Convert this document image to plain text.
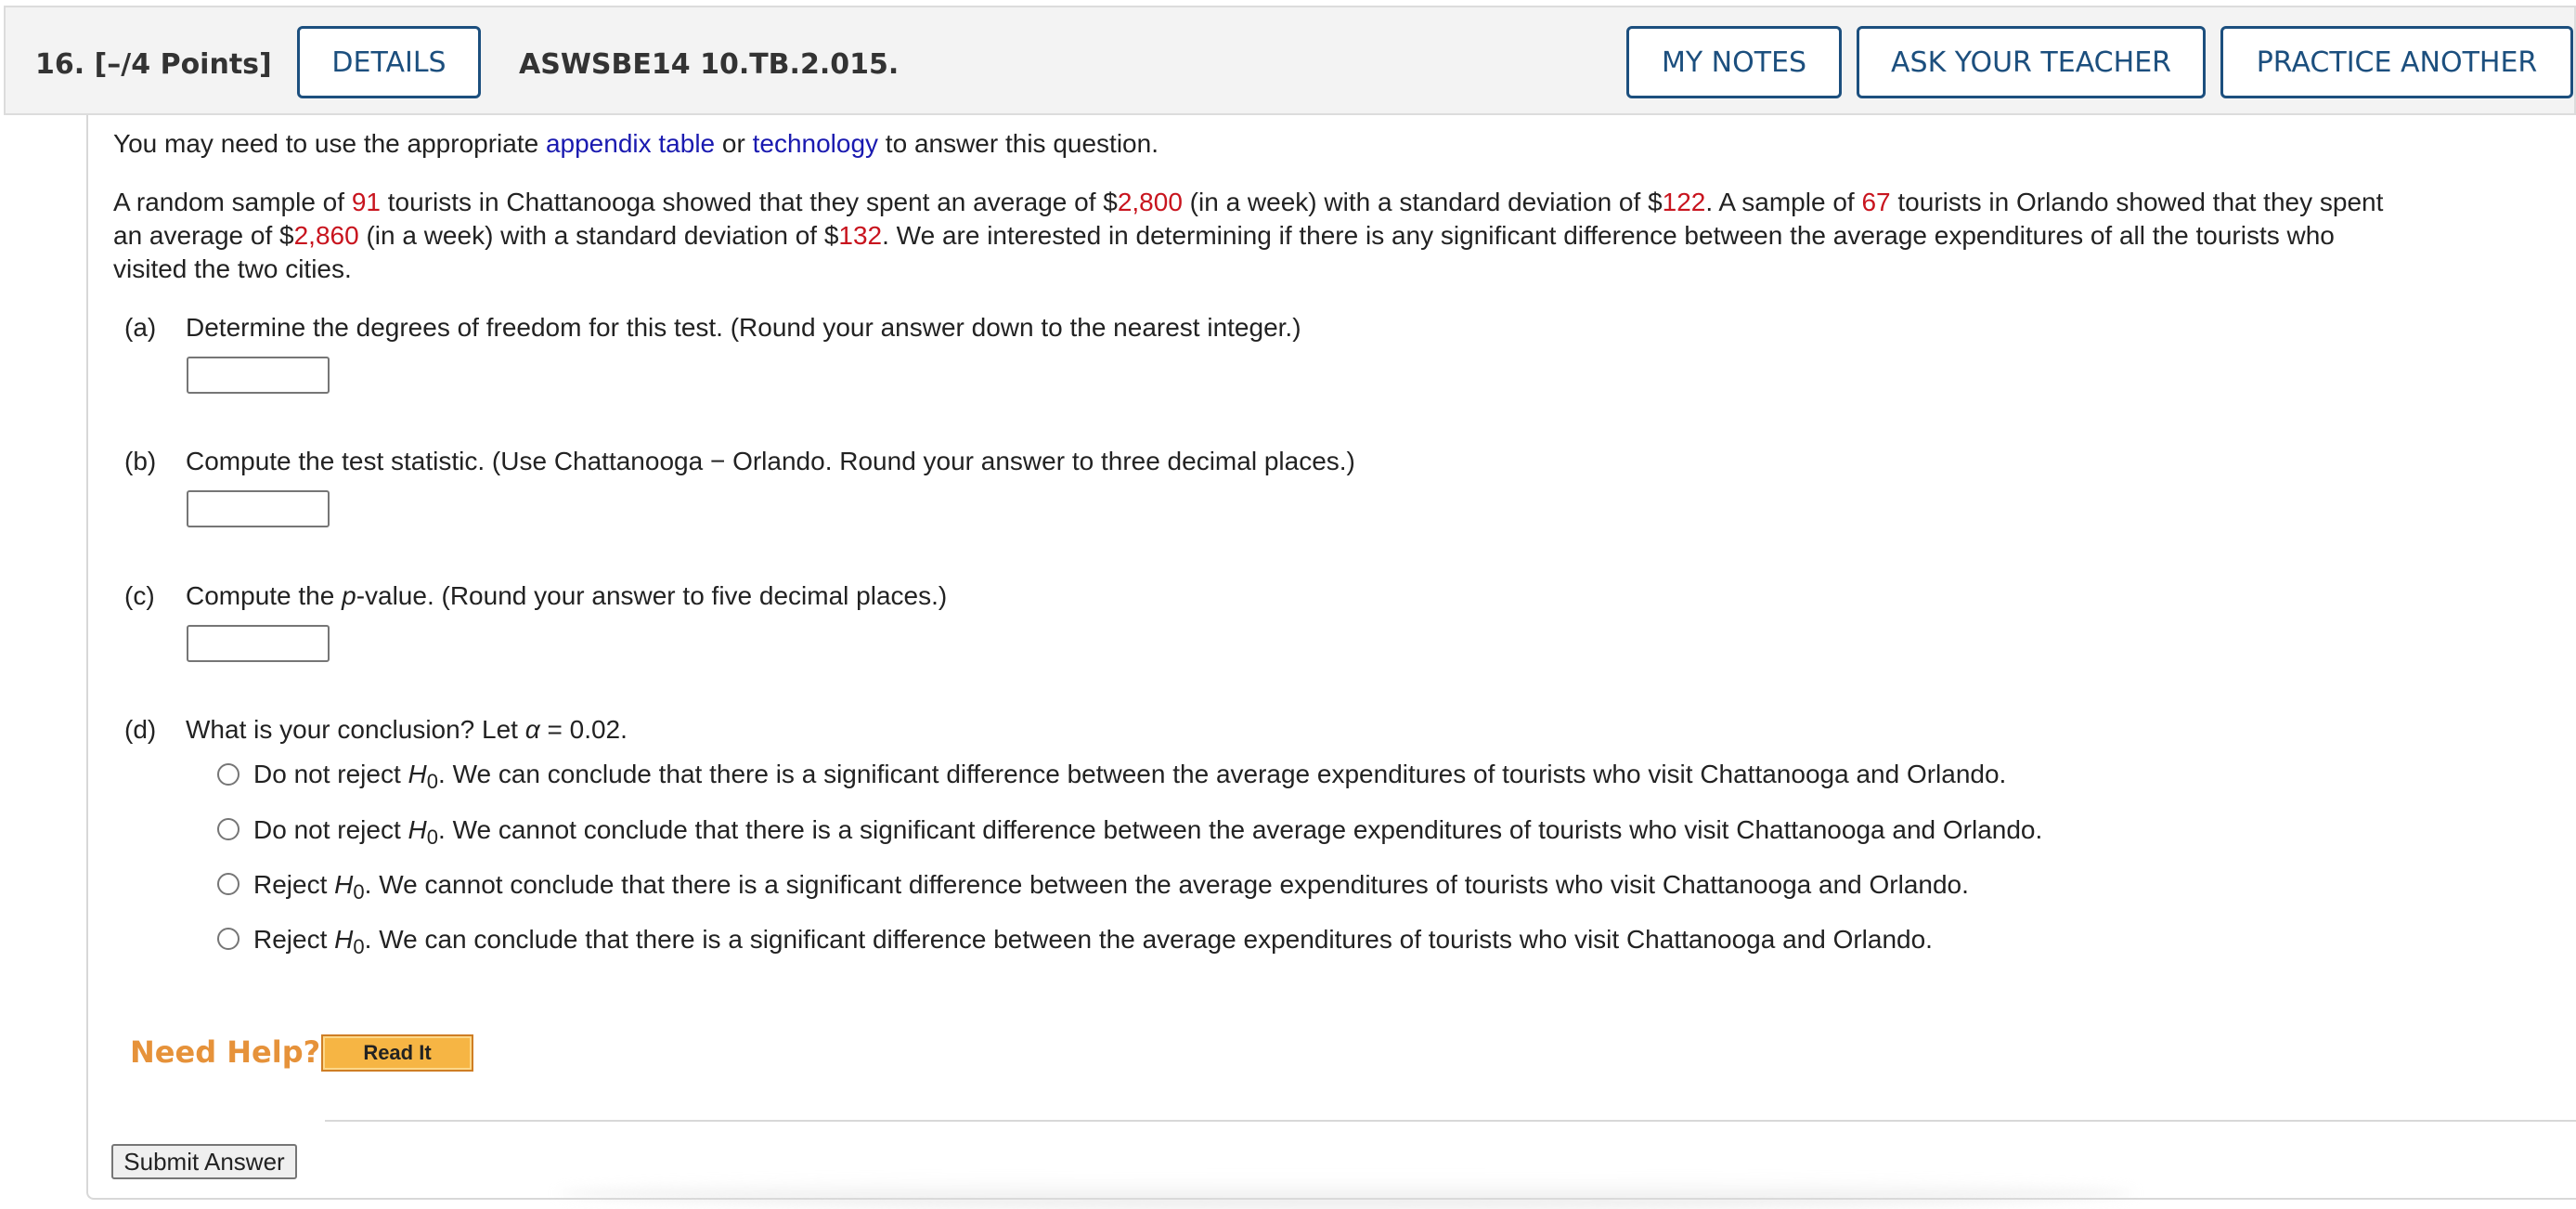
16. [–/4 Points]	DETAILS	ASWSBE14 10.TB.2.015.	MY NOTES	ASK YOUR TEACHER	PRACTICE ANOTHER
You may need to use the appropriate appendix table or technology to answer this question.
A random sample of 91 tourists in Chattanooga showed that they spent an average of $2,800 (in a week) with a standard deviation of $122. A sample of 67 tourists in Orlando showed that they spent
an average of $2,860 (in a week) with a standard deviation of $132. We are interested in determining if there is any significant difference between the average expenditures of all the tourists who
visited the two cities.
(a) Determine the degrees of freedom for this test. (Round your answer down to the nearest integer.)
(b) Compute the test statistic. (Use Chattanooga − Orlando. Round your answer to three decimal places.)
(c) Compute the p-value. (Round your answer to five decimal places.)
(d) What is your conclusion? Let α = 0.02.
Do not reject $H_0$. We can conclude that there is a significant difference between the average expenditures of tourists who visit Chattanooga and Orlando.
Do not reject $H_0$. We cannot conclude that there is a significant difference between the average expenditures of tourists who visit Chattanooga and Orlando.
Reject $H_0$. We cannot conclude that there is a significant difference between the average expenditures of tourists who visit Chattanooga and Orlando.
Reject $H_0$. We can conclude that there is a significant difference between the average expenditures of tourists who visit Chattanooga and Orlando.
Need Help?	Read It
Submit Answer
